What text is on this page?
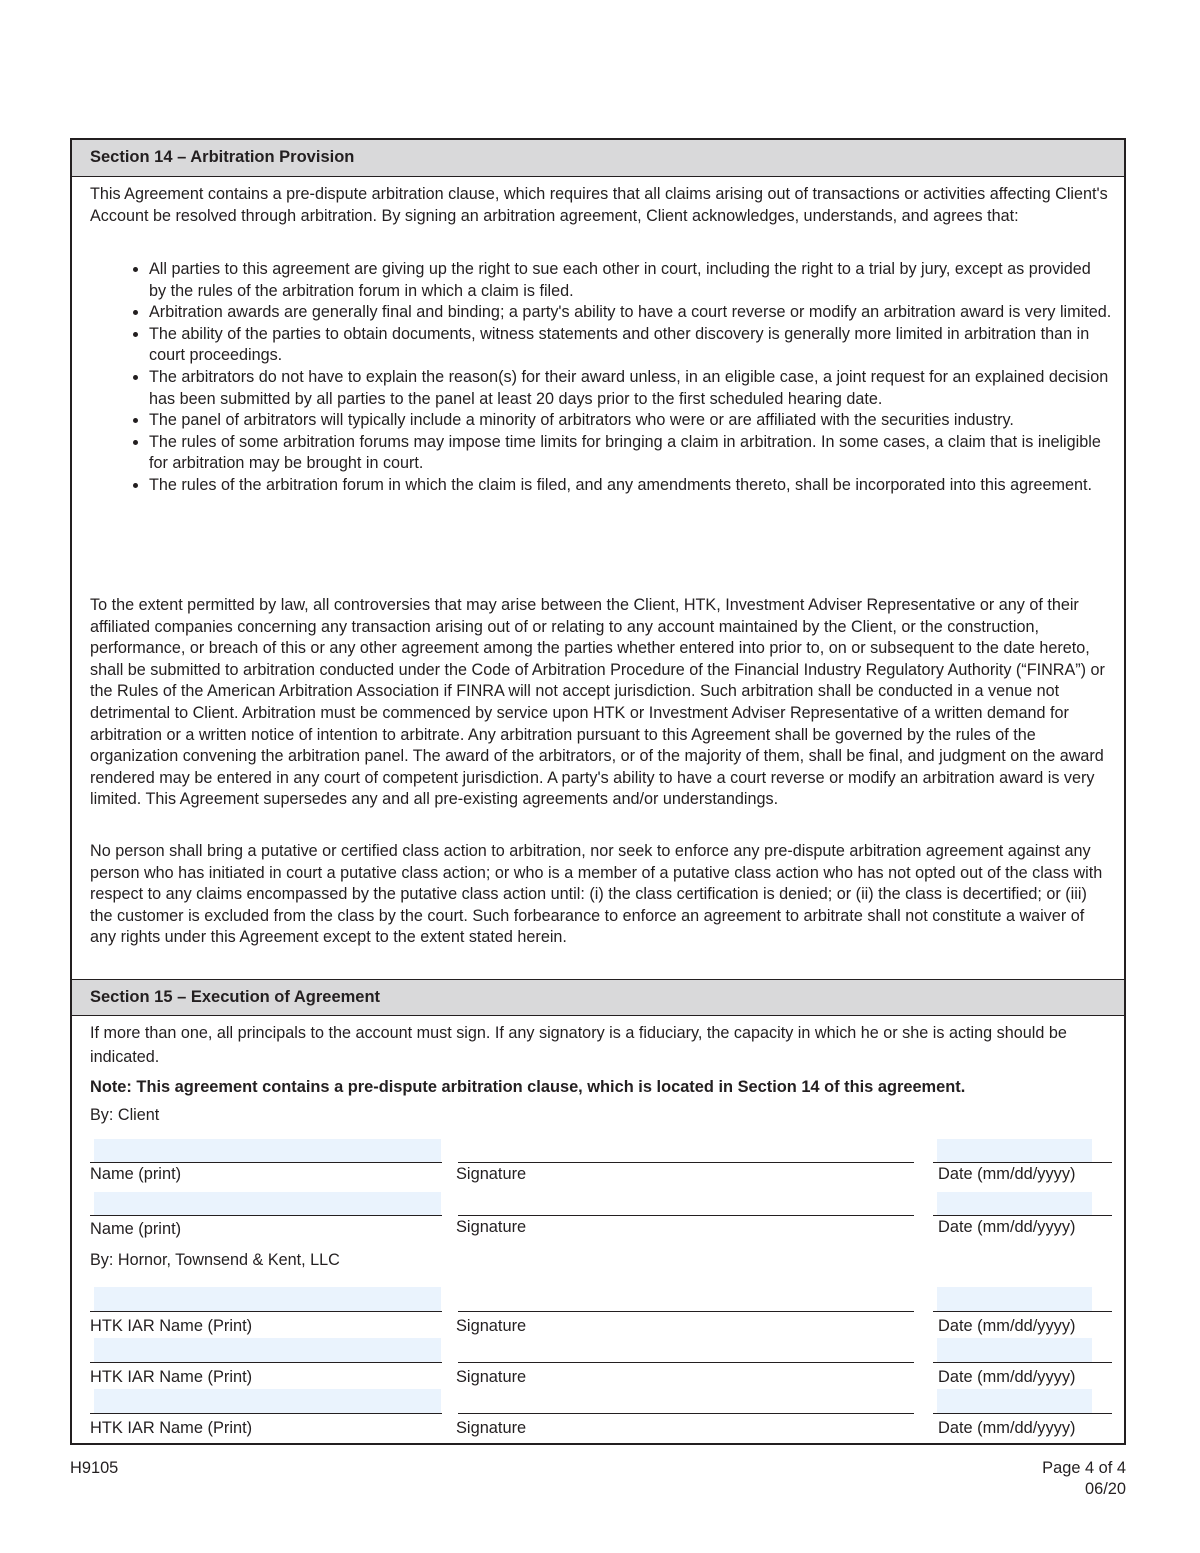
Section 14 – Arbitration Provision
This Agreement contains a pre-dispute arbitration clause, which requires that all claims arising out of transactions or activities affecting Client's Account be resolved through arbitration. By signing an arbitration agreement, Client acknowledges, understands, and agrees that:
• All parties to this agreement are giving up the right to sue each other in court, including the right to a trial by jury, except as provided by the rules of the arbitration forum in which a claim is filed.
• Arbitration awards are generally final and binding; a party's ability to have a court reverse or modify an arbitration award is very limited.
• The ability of the parties to obtain documents, witness statements and other discovery is generally more limited in arbitration than in court proceedings.
• The arbitrators do not have to explain the reason(s) for their award unless, in an eligible case, a joint request for an explained decision has been submitted by all parties to the panel at least 20 days prior to the first scheduled hearing date.
• The panel of arbitrators will typically include a minority of arbitrators who were or are affiliated with the securities industry.
• The rules of some arbitration forums may impose time limits for bringing a claim in arbitration. In some cases, a claim that is ineligible for arbitration may be brought in court.
• The rules of the arbitration forum in which the claim is filed, and any amendments thereto, shall be incorporated into this agreement.
To the extent permitted by law, all controversies that may arise between the Client, HTK, Investment Adviser Representative or any of their affiliated companies concerning any transaction arising out of or relating to any account maintained by the Client, or the construction, performance, or breach of this or any other agreement among the parties whether entered into prior to, on or subsequent to the date hereto, shall be submitted to arbitration conducted under the Code of Arbitration Procedure of the Financial Industry Regulatory Authority (“FINRA”) or the Rules of the American Arbitration Association if FINRA will not accept jurisdiction. Such arbitration shall be conducted in a venue not detrimental to Client. Arbitration must be commenced by service upon HTK or Investment Adviser Representative of a written demand for arbitration or a written notice of intention to arbitrate. Any arbitration pursuant to this Agreement shall be governed by the rules of the organization convening the arbitration panel. The award of the arbitrators, or of the majority of them, shall be final, and judgment on the award rendered may be entered in any court of competent jurisdiction. A party's ability to have a court reverse or modify an arbitration award is very limited. This Agreement supersedes any and all pre-existing agreements and/or understandings.
No person shall bring a putative or certified class action to arbitration, nor seek to enforce any pre-dispute arbitration agreement against any person who has initiated in court a putative class action; or who is a member of a putative class action who has not opted out of the class with respect to any claims encompassed by the putative class action until: (i) the class certification is denied; or (ii) the class is decertified; or (iii) the customer is excluded from the class by the court. Such forbearance to enforce an agreement to arbitrate shall not constitute a waiver of any rights under this Agreement except to the extent stated herein.
Section 15 – Execution of Agreement
If more than one, all principals to the account must sign. If any signatory is a fiduciary, the capacity in which he or she is acting should be indicated.
Note: This agreement contains a pre-dispute arbitration clause, which is located in Section 14 of this agreement.
By: Client
Name (print)	Signature	Date (mm/dd/yyyy)
Name (print)	Signature	Date (mm/dd/yyyy)
By: Hornor, Townsend & Kent, LLC
HTK IAR Name (Print)	Signature	Date (mm/dd/yyyy)
HTK IAR Name (Print)	Signature	Date (mm/dd/yyyy)
HTK IAR Name (Print)	Signature	Date (mm/dd/yyyy)
H9105	Page 4 of 4
06/20
